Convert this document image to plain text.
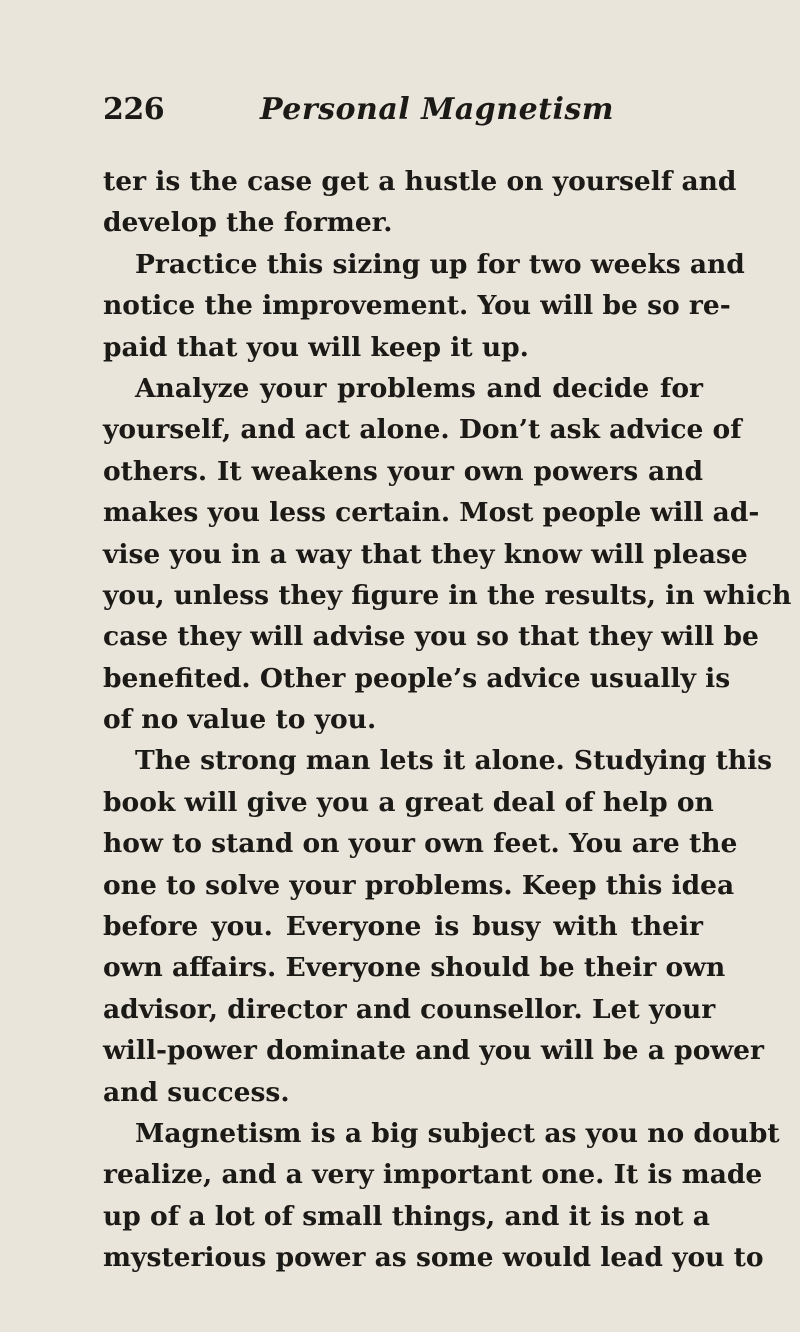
226	Personal Magnetism
ter is the case get a hustle on yourself and
develop the former.
Practice this sizing up for two weeks and
notice the improvement. You will be so re-
paid that you will keep it up.
Analyze your problems and decide for
yourself, and act alone. Don’t ask advice of
others. It weakens your own powers and
makes you less certain. Most people will ad-
vise you in a way that they know will please
you, unless they figure in the results, in which
case they will advise you so that they will be
benefited. Other people’s advice usually is
of no value to you.
The strong man lets it alone. Studying this
book will give you a great deal of help on
how to stand on your own feet. You are the
one to solve your problems. Keep this idea
before you. Everyone is busy with their
own affairs. Everyone should be their own
advisor, director and counsellor. Let your
will-power dominate and you will be a power
and success.
Magnetism is a big subject as you no doubt
realize, and a very important one. It is made
up of a lot of small things, and it is not a
mysterious power as some would lead you to
